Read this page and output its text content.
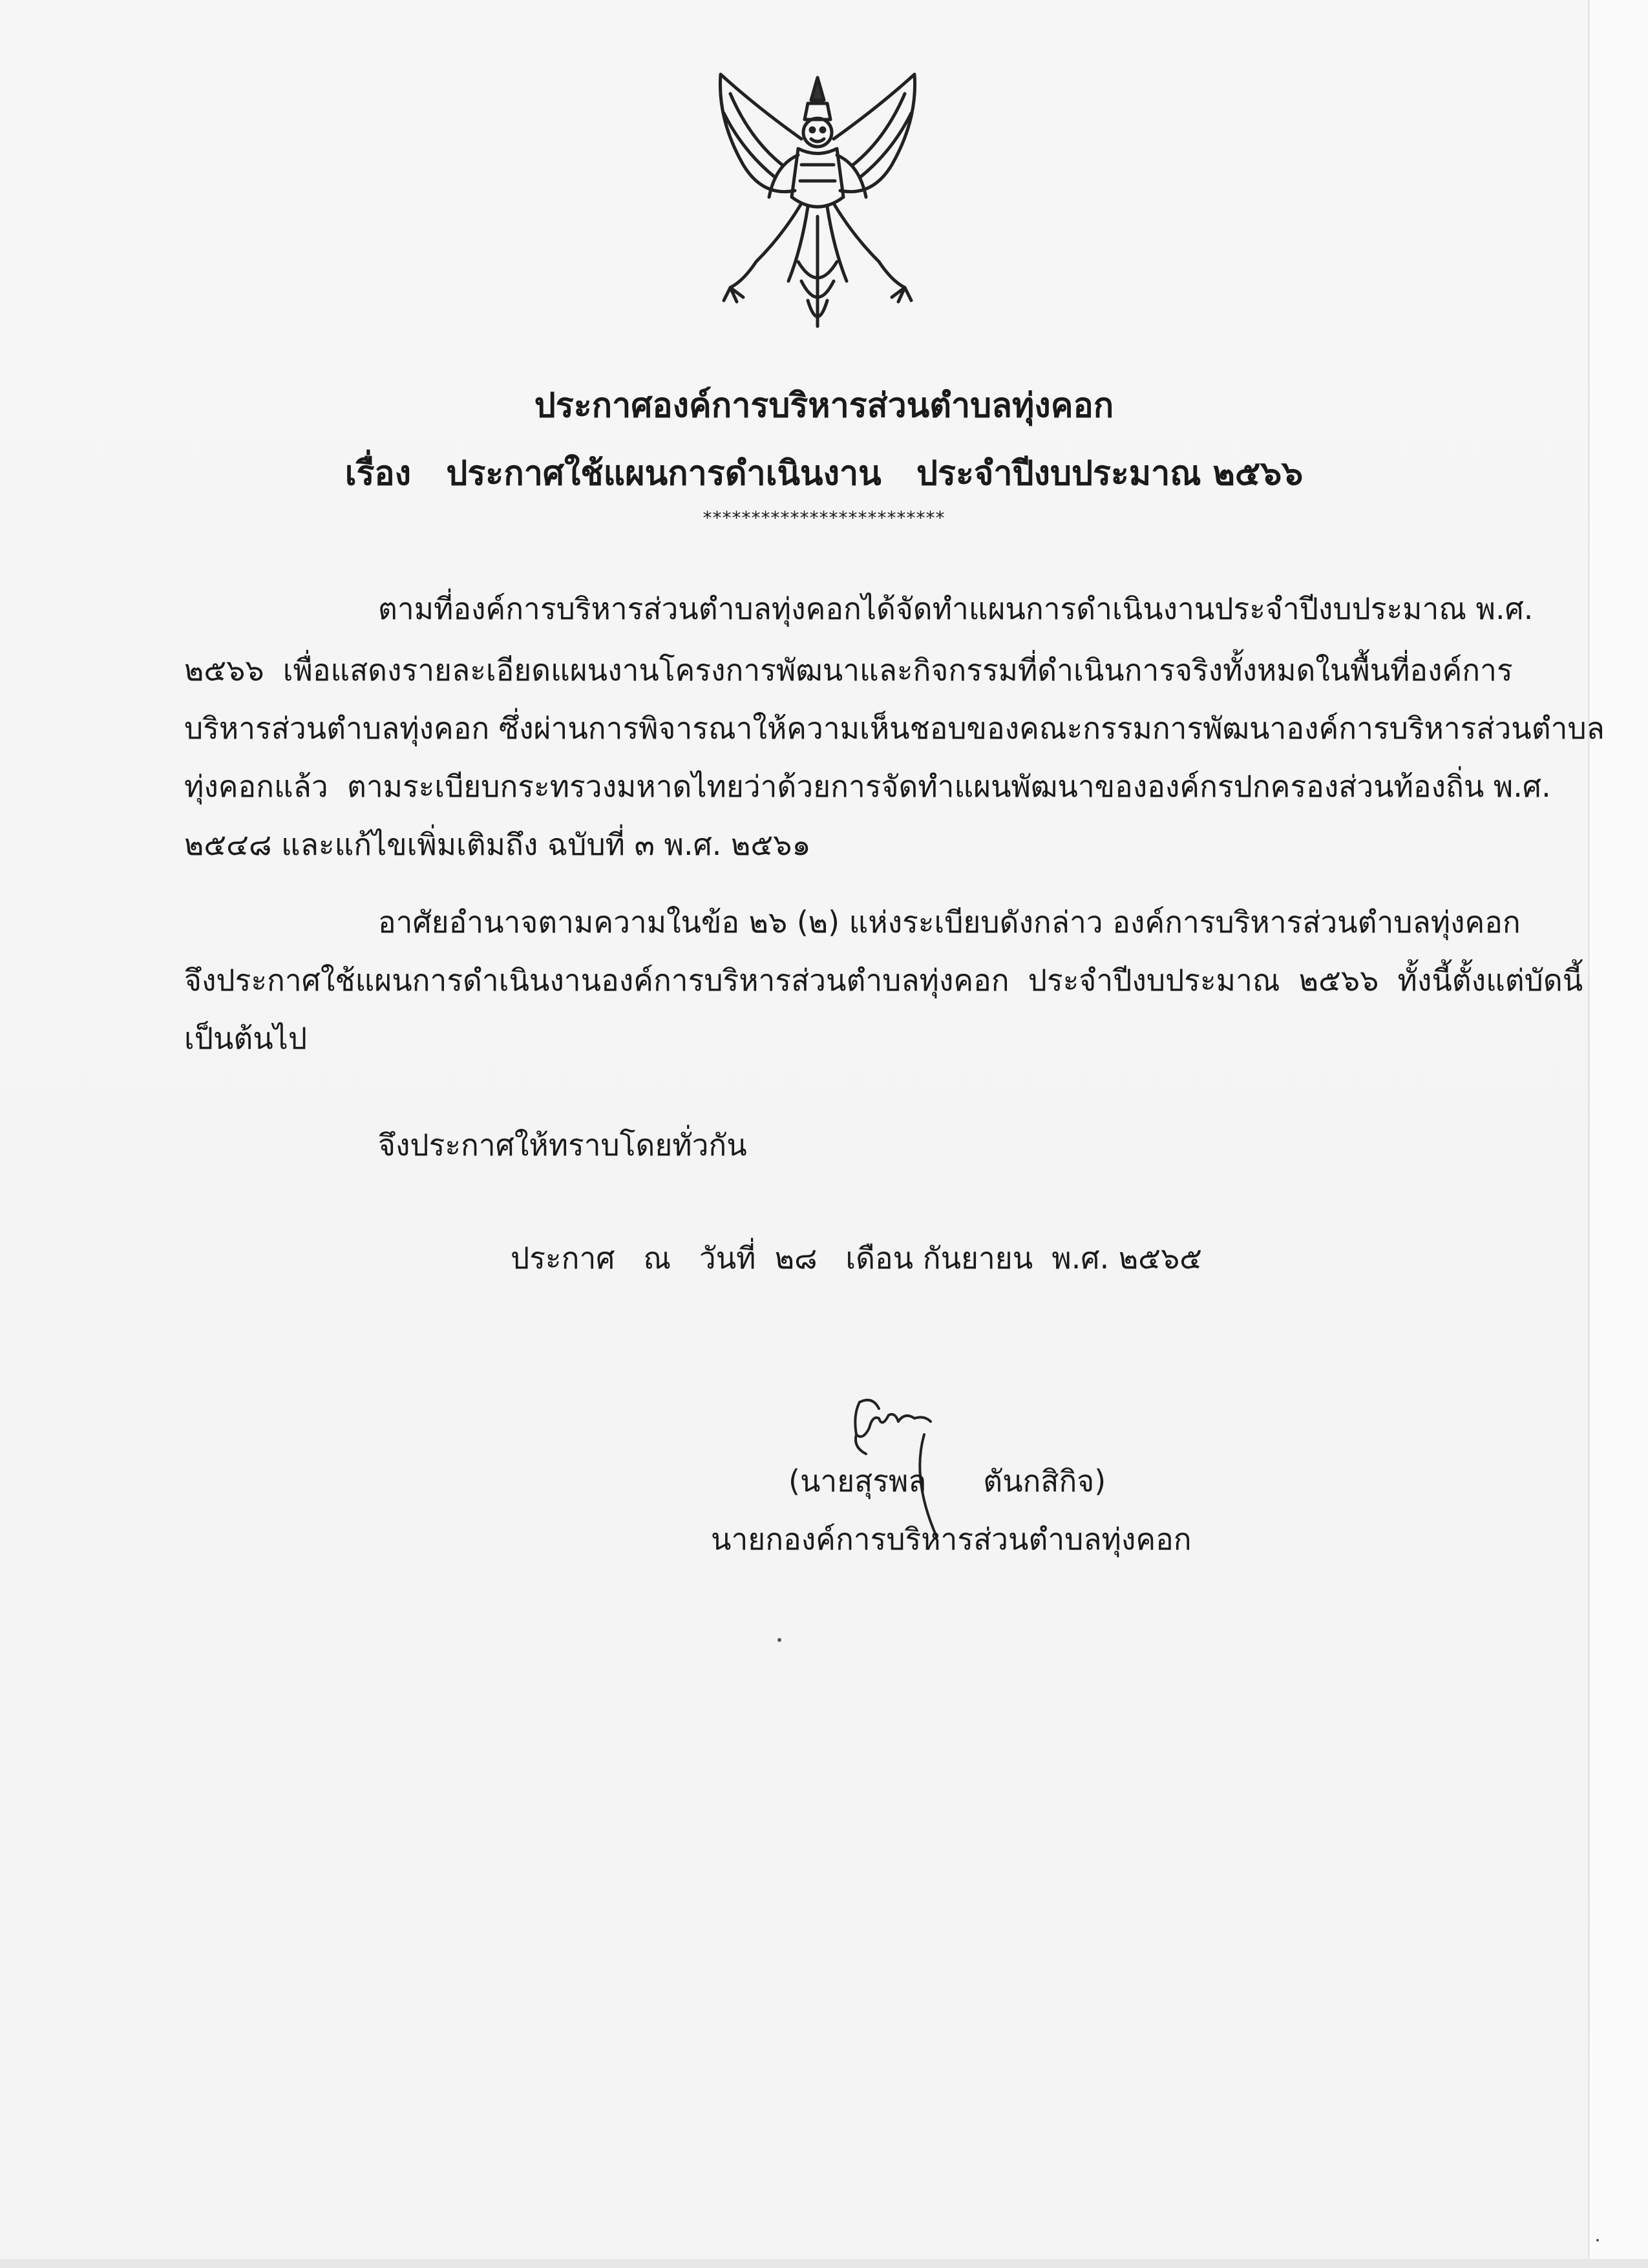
ประกาศองค์การบริหารส่วนตำบลทุ่งคอก
เรื่อง ประกาศใช้แผนการดำเนินงาน ประจำปีงบประมาณ ๒๕๖๖
*************************
ตามที่องค์การบริหารส่วนตำบลทุ่งคอกได้จัดทำแผนการดำเนินงานประจำปีงบประมาณ พ.ศ.
๒๕๖๖  เพื่อแสดงรายละเอียดแผนงานโครงการพัฒนาและกิจกรรมที่ดำเนินการจริงทั้งหมดในพื้นที่องค์การ
บริหารส่วนตำบลทุ่งคอก ซึ่งผ่านการพิจารณาให้ความเห็นชอบของคณะกรรมการพัฒนาองค์การบริหารส่วนตำบล
ทุ่งคอกแล้ว  ตามระเบียบกระทรวงมหาดไทยว่าด้วยการจัดทำแผนพัฒนาขององค์กรปกครองส่วนท้องถิ่น พ.ศ.
๒๕๔๘ และแก้ไขเพิ่มเติมถึง ฉบับที่ ๓ พ.ศ. ๒๕๖๑
อาศัยอำนาจตามความในข้อ ๒๖ (๒) แห่งระเบียบดังกล่าว องค์การบริหารส่วนตำบลทุ่งคอก
จึงประกาศใช้แผนการดำเนินงานองค์การบริหารส่วนตำบลทุ่งคอก  ประจำปีงบประมาณ  ๒๕๖๖  ทั้งนี้ตั้งแต่บัดนี้
เป็นต้นไป
จึงประกาศให้ทราบโดยทั่วกัน
ประกาศ   ณ   วันที่  ๒๘   เดือน กันยายน  พ.ศ. ๒๕๖๕
(นายสุรพล      ตันกสิกิจ)
นายกองค์การบริหารส่วนตำบลทุ่งคอก
